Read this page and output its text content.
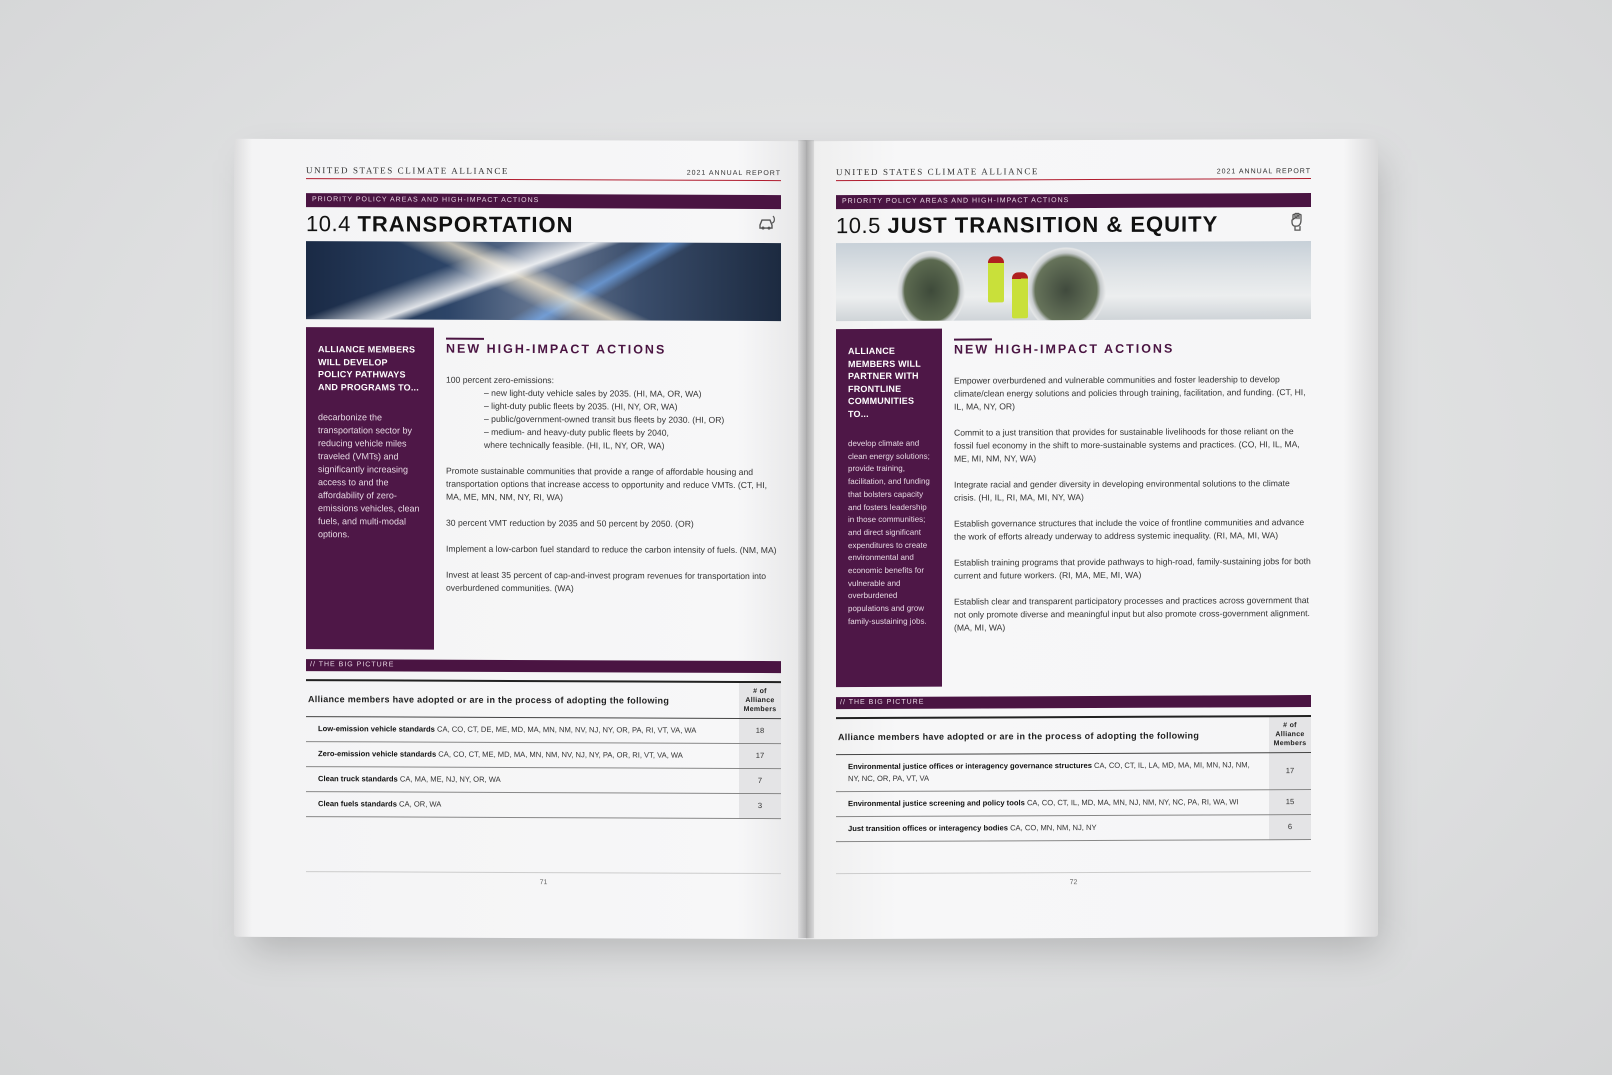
UNITED STATES CLIMATE ALLIANCE	2021 ANNUAL REPORT
PRIORITY POLICY AREAS AND HIGH-IMPACT ACTIONS
10.4 TRANSPORTATION
ALLIANCE MEMBERS WILL DEVELOP POLICY PATHWAYS AND PROGRAMS TO...
decarbonize the transportation sector by reducing vehicle miles traveled (VMTs) and significantly increasing access to and the affordability of zero-emissions vehicles, clean fuels, and multi-modal options.
NEW HIGH-IMPACT ACTIONS
100 percent zero-emissions:
– new light-duty vehicle sales by 2035. (HI, MA, OR, WA)
– light-duty public fleets by 2035. (HI, NY, OR, WA)
– public/government-owned transit bus fleets by 2030. (HI, OR)
– medium- and heavy-duty public fleets by 2040,
where technically feasible. (HI, IL, NY, OR, WA)
Promote sustainable communities that provide a range of affordable housing and transportation options that increase access to opportunity and reduce VMTs. (CT, HI, MA, ME, MN, NM, NY, RI, WA)
30 percent VMT reduction by 2035 and 50 percent by 2050. (OR)
Implement a low-carbon fuel standard to reduce the carbon intensity of fuels. (NM, MA)
Invest at least 35 percent of cap-and-invest program revenues for transportation into overburdened communities. (WA)
// THE BIG PICTURE
Alliance members have adopted or are in the process of adopting the following	# of Alliance Members
Low-emission vehicle standards CA, CO, CT, DE, ME, MD, MA, MN, NM, NV, NJ, NY, OR, PA, RI, VT, VA, WA	18
Zero-emission vehicle standards CA, CO, CT, ME, MD, MA, MN, NM, NV, NJ, NY, PA, OR, RI, VT, VA, WA	17
Clean truck standards CA, MA, ME, NJ, NY, OR, WA	7
Clean fuels standards CA, OR, WA	3
71
UNITED STATES CLIMATE ALLIANCE	2021 ANNUAL REPORT
PRIORITY POLICY AREAS AND HIGH-IMPACT ACTIONS
10.5 JUST TRANSITION & EQUITY
ALLIANCE MEMBERS WILL PARTNER WITH FRONTLINE COMMUNITIES TO...
develop climate and clean energy solutions; provide training, facilitation, and funding that bolsters capacity and fosters leadership in those communities; and direct significant expenditures to create environmental and economic benefits for vulnerable and overburdened populations and grow family-sustaining jobs.
NEW HIGH-IMPACT ACTIONS
Empower overburdened and vulnerable communities and foster leadership to develop climate/clean energy solutions and policies through training, facilitation, and funding. (CT, HI, IL, MA, NY, OR)
Commit to a just transition that provides for sustainable livelihoods for those reliant on the fossil fuel economy in the shift to more-sustainable systems and practices. (CO, HI, IL, MA, ME, MI, NM, NY, WA)
Integrate racial and gender diversity in developing environmental solutions to the climate crisis. (HI, IL, RI, MA, MI, NY, WA)
Establish governance structures that include the voice of frontline communities and advance the work of efforts already underway to address systemic inequality. (RI, MA, MI, WA)
Establish training programs that provide pathways to high-road, family-sustaining jobs for both current and future workers. (RI, MA, ME, MI, WA)
Establish clear and transparent participatory processes and practices across government that not only promote diverse and meaningful input but also promote cross-government alignment. (MA, MI, WA)
// THE BIG PICTURE
Alliance members have adopted or are in the process of adopting the following	# of Alliance Members
Environmental justice offices or interagency governance structures CA, CO, CT, IL, LA, MD, MA, MI, MN, NJ, NM, NY, NC, OR, PA, VT, VA	17
Environmental justice screening and policy tools CA, CO, CT, IL, MD, MA, MN, NJ, NM, NY, NC, PA, RI, WA, WI	15
Just transition offices or interagency bodies CA, CO, MN, NM, NJ, NY	6
72
